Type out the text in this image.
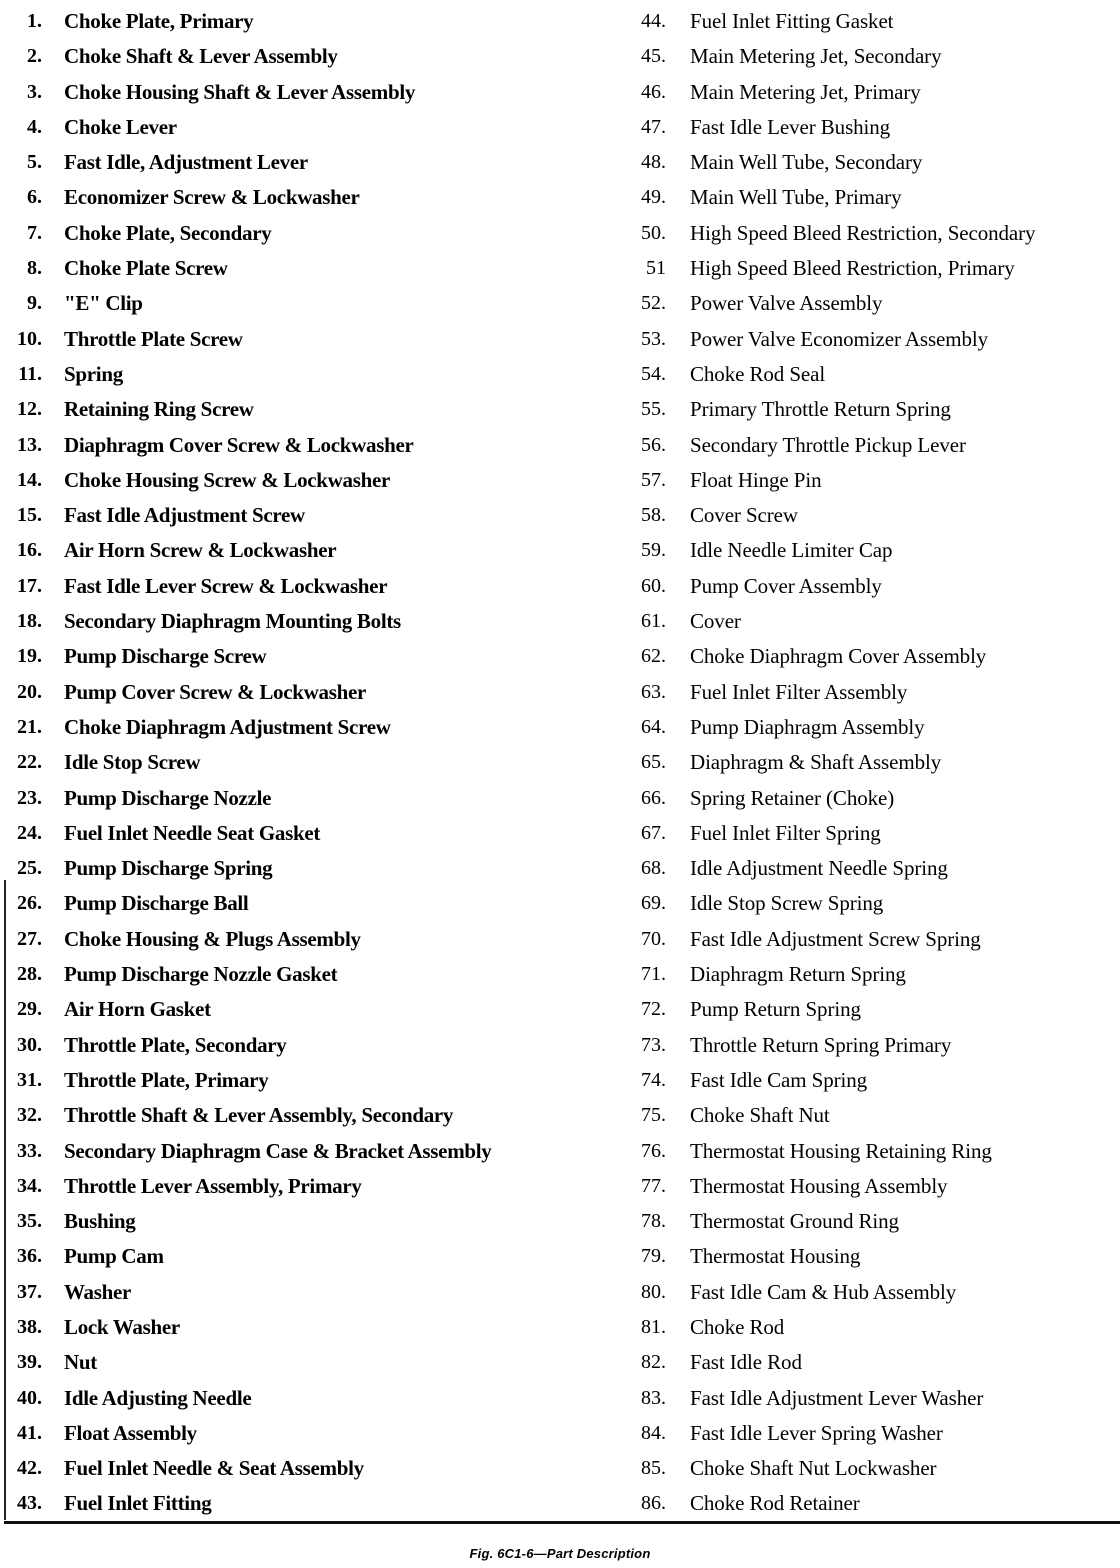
1. Choke Plate, Primary
2. Choke Shaft & Lever Assembly
3. Choke Housing Shaft & Lever Assembly
4. Choke Lever
5. Fast Idle, Adjustment Lever
6. Economizer Screw & Lockwasher
7. Choke Plate, Secondary
8. Choke Plate Screw
9. "E" Clip
10. Throttle Plate Screw
11. Spring
12. Retaining Ring Screw
13. Diaphragm Cover Screw & Lockwasher
14. Choke Housing Screw & Lockwasher
15. Fast Idle Adjustment Screw
16. Air Horn Screw & Lockwasher
17. Fast Idle Lever Screw & Lockwasher
18. Secondary Diaphragm Mounting Bolts
19. Pump Discharge Screw
20. Pump Cover Screw & Lockwasher
21. Choke Diaphragm Adjustment Screw
22. Idle Stop Screw
23. Pump Discharge Nozzle
24. Fuel Inlet Needle Seat Gasket
25. Pump Discharge Spring
26. Pump Discharge Ball
27. Choke Housing & Plugs Assembly
28. Pump Discharge Nozzle Gasket
29. Air Horn Gasket
30. Throttle Plate, Secondary
31. Throttle Plate, Primary
32. Throttle Shaft & Lever Assembly, Secondary
33. Secondary Diaphragm Case & Bracket Assembly
34. Throttle Lever Assembly, Primary
35. Bushing
36. Pump Cam
37. Washer
38. Lock Washer
39. Nut
40. Idle Adjusting Needle
41. Float Assembly
42. Fuel Inlet Needle & Seat Assembly
43. Fuel Inlet Fitting
44. Fuel Inlet Fitting Gasket
45. Main Metering Jet, Secondary
46. Main Metering Jet, Primary
47. Fast Idle Lever Bushing
48. Main Well Tube, Secondary
49. Main Well Tube, Primary
50. High Speed Bleed Restriction, Secondary
51 High Speed Bleed Restriction, Primary
52. Power Valve Assembly
53. Power Valve Economizer Assembly
54. Choke Rod Seal
55. Primary Throttle Return Spring
56. Secondary Throttle Pickup Lever
57. Float Hinge Pin
58. Cover Screw
59. Idle Needle Limiter Cap
60. Pump Cover Assembly
61. Cover
62. Choke Diaphragm Cover Assembly
63. Fuel Inlet Filter Assembly
64. Pump Diaphragm Assembly
65. Diaphragm & Shaft Assembly
66. Spring Retainer (Choke)
67. Fuel Inlet Filter Spring
68. Idle Adjustment Needle Spring
69. Idle Stop Screw Spring
70. Fast Idle Adjustment Screw Spring
71. Diaphragm Return Spring
72. Pump Return Spring
73. Throttle Return Spring Primary
74. Fast Idle Cam Spring
75. Choke Shaft Nut
76. Thermostat Housing Retaining Ring
77. Thermostat Housing Assembly
78. Thermostat Ground Ring
79. Thermostat Housing
80. Fast Idle Cam & Hub Assembly
81. Choke Rod
82. Fast Idle Rod
83. Fast Idle Adjustment Lever Washer
84. Fast Idle Lever Spring Washer
85. Choke Shaft Nut Lockwasher
86. Choke Rod Retainer
Fig. 6C1-6—Part Description
